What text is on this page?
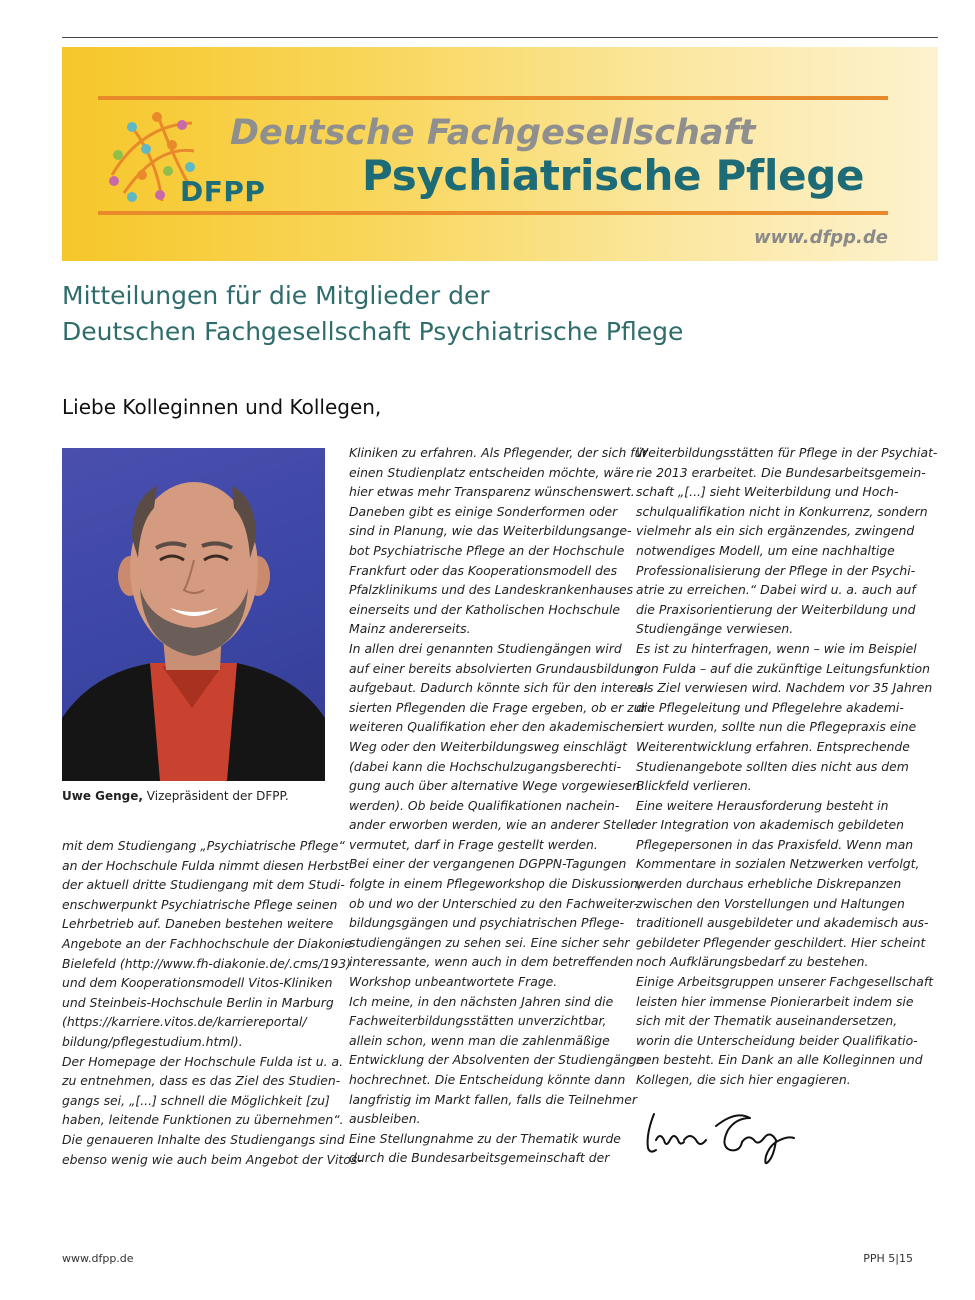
DFPP
Deutsche Fachgesellschaft
Psychiatrische Pflege
www.dfpp.de
Mitteilungen für die Mitglieder der
Deutschen Fachgesellschaft Psychiatrische Pflege
Liebe Kolleginnen und Kollegen,
Uwe Genge, Vizepräsident der DFPP.
mit dem Studiengang „Psychiatrische Pflege“
an der Hochschule Fulda nimmt diesen Herbst
der aktuell dritte Studiengang mit dem Studi-
enschwerpunkt Psychiatrische Pflege seinen
Lehrbetrieb auf. Daneben bestehen weitere
Angebote an der Fachhochschule der Diakonie
Bielefeld (http://www.fh-diakonie.de/.cms/193)
und dem Kooperationsmodell Vitos-Kliniken
und Steinbeis-Hochschule Berlin in Marburg
(https://karriere.vitos.de/karriereportal/
bildung/pflegestudium.html).
Der Homepage der Hochschule Fulda ist u. a.
zu entnehmen, dass es das Ziel des Studien-
gangs sei, „[...] schnell die Möglichkeit [zu]
haben, leitende Funktionen zu übernehmen“.
Die genaueren Inhalte des Studiengangs sind
ebenso wenig wie auch beim Angebot der Vitos-
Kliniken zu erfahren. Als Pflegender, der sich für
einen Studienplatz entscheiden möchte, wäre
hier etwas mehr Transparenz wünschenswert.
Daneben gibt es einige Sonderformen oder
sind in Planung, wie das Weiterbildungsange-
bot Psychiatrische Pflege an der Hochschule
Frankfurt oder das Kooperationsmodell des
Pfalzklinikums und des Landeskrankenhauses
einerseits und der Katholischen Hochschule
Mainz andererseits.
In allen drei genannten Studiengängen wird
auf einer bereits absolvierten Grundausbildung
aufgebaut. Dadurch könnte sich für den interes-
sierten Pflegenden die Frage ergeben, ob er zur
weiteren Qualifikation eher den akademischen
Weg oder den Weiterbildungsweg einschlägt
(dabei kann die Hochschulzugangsberechti-
gung auch über alternative Wege vorgewiesen
werden). Ob beide Qualifikationen nachein-
ander erworben werden, wie an anderer Stelle
vermutet, darf in Frage gestellt werden.
Bei einer der vergangenen DGPPN-Tagungen
folgte in einem Pflegeworkshop die Diskussion,
ob und wo der Unterschied zu den Fachweiter-
bildungsgängen und psychiatrischen Pflege-
studiengängen zu sehen sei. Eine sicher sehr
interessante, wenn auch in dem betreffenden
Workshop unbeantwortete Frage.
Ich meine, in den nächsten Jahren sind die
Fachweiterbildungsstätten unverzichtbar,
allein schon, wenn man die zahlenmäßige
Entwicklung der Absolventen der Studiengänge
hochrechnet. Die Entscheidung könnte dann
langfristig im Markt fallen, falls die Teilnehmer
ausbleiben.
Eine Stellungnahme zu der Thematik wurde
durch die Bundesarbeitsgemeinschaft der
Weiterbildungsstätten für Pflege in der Psychiat-
rie 2013 erarbeitet. Die Bundesarbeitsgemein-
schaft „[...] sieht Weiterbildung und Hoch-
schulqualifikation nicht in Konkurrenz, sondern
vielmehr als ein sich ergänzendes, zwingend
notwendiges Modell, um eine nachhaltige
Professionalisierung der Pflege in der Psychi-
atrie zu erreichen.“ Dabei wird u. a. auch auf
die Praxisorientierung der Weiterbildung und
Studiengänge verwiesen.
Es ist zu hinterfragen, wenn – wie im Beispiel
von Fulda – auf die zukünftige Leitungsfunktion
als Ziel verwiesen wird. Nachdem vor 35 Jahren
die Pflegeleitung und Pflegelehre akademi-
siert wurden, sollte nun die Pflegepraxis eine
Weiterentwicklung erfahren. Entsprechende
Studienangebote sollten dies nicht aus dem
Blickfeld verlieren.
Eine weitere Herausforderung besteht in
der Integration von akademisch gebildeten
Pflegepersonen in das Praxisfeld. Wenn man
Kommentare in sozialen Netzwerken verfolgt,
werden durchaus erhebliche Diskrepanzen
zwischen den Vorstellungen und Haltungen
traditionell ausgebildeter und akademisch aus-
gebildeter Pflegender geschildert. Hier scheint
noch Aufklärungsbedarf zu bestehen.
Einige Arbeitsgruppen unserer Fachgesellschaft
leisten hier immense Pionierarbeit indem sie
sich mit der Thematik auseinandersetzen,
worin die Unterscheidung beider Qualifikatio-
nen besteht. Ein Dank an alle Kolleginnen und
Kollegen, die sich hier engagieren.
www.dfpp.de	PPH 5|15
